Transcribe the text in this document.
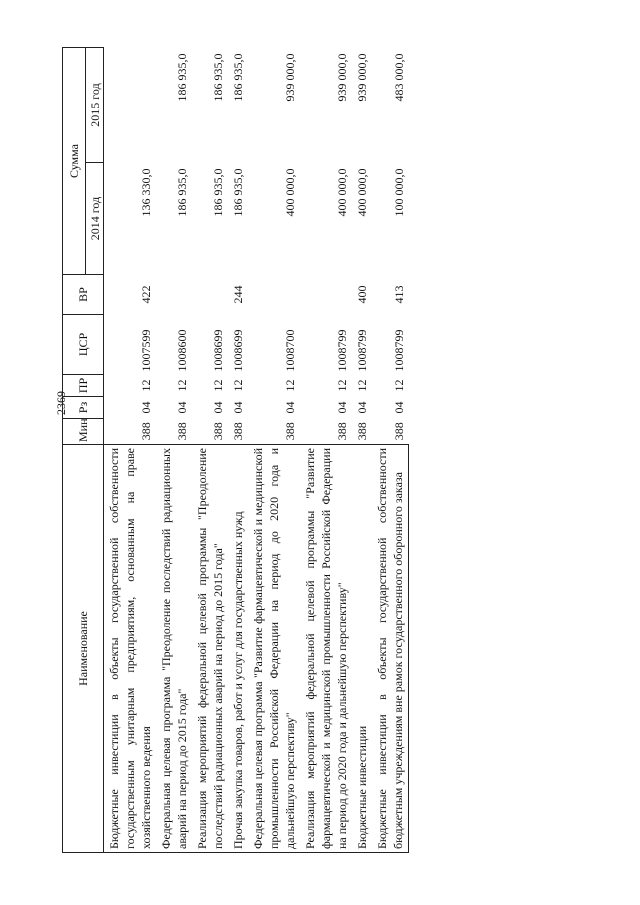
2369
Наименование	Мин	Рз	ПР	ЦСР	ВР	Сумма	
						2014 год	2015 год
Бюджетные инвестиции в объекты государственной собственности государственным унитарным предприятиям, основанным на праве хозяйственного ведения	388	04	12	1007599	422	136 330,0	
Федеральная целевая программа "Преодоление последствий радиационных аварий на период до 2015 года"	388	04	12	1008600		186 935,0	186 935,0
Реализация мероприятий федеральной целевой программы "Преодоление последствий радиационных аварий на период до 2015 года"	388	04	12	1008699		186 935,0	186 935,0
Прочая закупка товаров, работ и услуг для государственных нужд	388	04	12	1008699	244	186 935,0	186 935,0
Федеральная целевая программа "Развитие фармацевтической и медицинской промышленности Российской Федерации на период до 2020 года и дальнейшую перспективу"	388	04	12	1008700		400 000,0	939 000,0
Реализация мероприятий федеральной целевой программы "Развитие фармацевтической и медицинской промышленности Российской Федерации на период до 2020 года и дальнейшую перспективу"	388	04	12	1008799		400 000,0	939 000,0
Бюджетные инвестиции	388	04	12	1008799	400	400 000,0	939 000,0
Бюджетные инвестиции в объекты государственной собственности бюджетным учреждениям вне рамок государственного оборонного заказа	388	04	12	1008799	413	100 000,0	483 000,0
